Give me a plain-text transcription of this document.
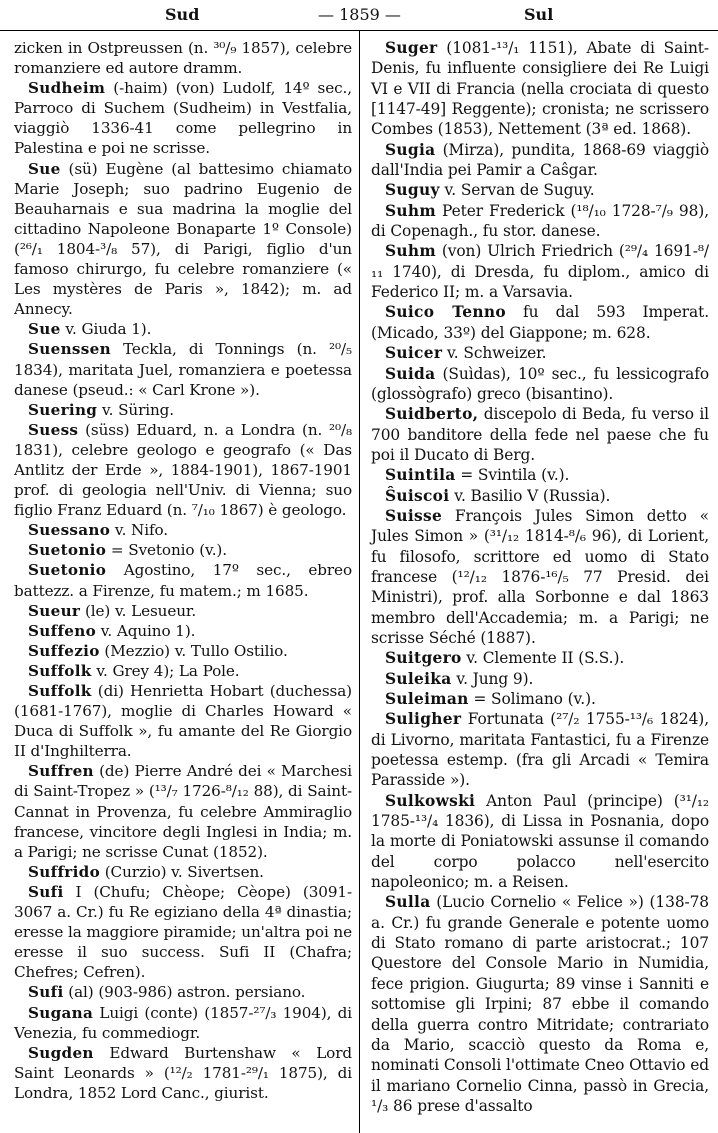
Sud	— 1859 —	Sul

zicken in Ostpreussen (n. ³⁰/₉ 1857), celebre romanziere ed autore dramm.

Sudheim (-haim) (von) Ludolf, 14º sec., Parroco di Suchem (Sudheim) in Vestfalia, viaggiò 1336-41 come pellegrino in Palestina e poi ne scrisse.

Sue (sü) Eugène (al battesimo chiamato Marie Joseph; suo padrino Eugenio de Beauharnais e sua madrina la moglie del cittadino Napoleone Bonaparte 1º Console) (²⁶/₁ 1804-³/₈ 57), di Parigi, figlio d'un famoso chirurgo, fu celebre romanziere (« Les mystères de Paris », 1842); m. ad Annecy.

Sue v. Giuda 1).

Suenssen Teckla, di Tonnings (n. ²⁰/₅ 1834), maritata Juel, romanziera e poetessa danese (pseud.: « Carl Krone »).

Suering v. Süring.

Suess (süss) Eduard, n. a Londra (n. ²⁰/₈ 1831), celebre geologo e geografo (« Das Antlitz der Erde », 1884-1901), 1867-1901 prof. di geologia nell'Univ. di Vienna; suo figlio Franz Eduard (n. ⁷/₁₀ 1867) è geologo.

Suessano v. Nifo.

Suetonio = Svetonio (v.).

Suetonio Agostino, 17º sec., ebreo battezz. a Firenze, fu matem.; m 1685.

Sueur (le) v. Lesueur.

Suffeno v. Aquino 1).

Suffezio (Mezzio) v. Tullo Ostilio.

Suffolk v. Grey 4); La Pole.

Suffolk (di) Henrietta Hobart (duchessa) (1681-1767), moglie di Charles Howard « Duca di Suffolk », fu amante del Re Giorgio II d'Inghilterra.

Suffren (de) Pierre André dei « Marchesi di Saint-Tropez » (¹³/₇ 1726-⁸/₁₂ 88), di Saint-Cannat in Provenza, fu celebre Ammiraglio francese, vincitore degli Inglesi in India; m. a Parigi; ne scrisse Cunat (1852).

Suffrido (Curzio) v. Sivertsen.

Sufi I (Chufu; Chèope; Cèope) (3091-3067 a. Cr.) fu Re egiziano della 4ª dinastia; eresse la maggiore piramide; un'altra poi ne eresse il suo success. Sufi II (Chafra; Chefres; Cefren).

Sufi (al) (903-986) astron. persiano.

Sugana Luigi (conte) (1857-²⁷/₃ 1904), di Venezia, fu commediogr.

Sugden Edward Burtenshaw « Lord Saint Leonards » (¹²/₂ 1781-²⁹/₁ 1875), di Londra, 1852 Lord Canc., giurist.

Suger (1081-¹³/₁ 1151), Abate di Saint-Denis, fu influente consigliere dei Re Luigi VI e VII di Francia (nella crociata di questo [1147-49] Reggente); cronista; ne scrissero Combes (1853), Nettement (3ª ed. 1868).

Sugia (Mirza), pundita, 1868-69 viaggiò dall'India pei Pamir a Caŝgar.

Suguy v. Servan de Suguy.

Suhm Peter Frederick (¹⁸/₁₀ 1728-⁷/₉ 98), di Copenagh., fu stor. danese.

Suhm (von) Ulrich Friedrich (²⁹/₄ 1691-⁸/₁₁ 1740), di Dresda, fu diplom., amico di Federico II; m. a Varsavia.

Suico Tenno fu dal 593 Imperat. (Micado, 33º) del Giappone; m. 628.

Suicer v. Schweizer.

Suida (Suìdas), 10º sec., fu lessicografo (glossògrafo) greco (bisantino).

Suidberto, discepolo di Beda, fu verso il 700 banditore della fede nel paese che fu poi il Ducato di Berg.

Suintila = Svintila (v.).

Ŝuiscoi v. Basilio V (Russia).

Suisse François Jules Simon detto « Jules Simon » (³¹/₁₂ 1814-⁸/₆ 96), di Lorient, fu filosofo, scrittore ed uomo di Stato francese (¹²/₁₂ 1876-¹⁶/₅ 77 Presid. dei Ministri), prof. alla Sorbonne e dal 1863 membro dell'Accademia; m. a Parigi; ne scrisse Séché (1887).

Suitgero v. Clemente II (S.S.).

Suleika v. Jung 9).

Suleiman = Solimano (v.).

Suligher Fortunata (²⁷/₂ 1755-¹³/₆ 1824), di Livorno, maritata Fantastici, fu a Firenze poetessa estemp. (fra gli Arcadi « Temira Parasside »).

Sulkowski Anton Paul (principe) (³¹/₁₂ 1785-¹³/₄ 1836), di Lissa in Posnania, dopo la morte di Poniatowski assunse il comando del corpo polacco nell'esercito napoleonico; m. a Reisen.

Sulla (Lucio Cornelio « Felice ») (138-78 a. Cr.) fu grande Generale e potente uomo di Stato romano di parte aristocrat.; 107 Questore del Console Mario in Numidia, fece prigion. Giugurta; 89 vinse i Sanniti e sottomise gli Irpini; 87 ebbe il comando della guerra contro Mitridate; contrariato da Mario, scacciò questo da Roma e, nominati Consoli l'ottimate Cneo Ottavio ed il mariano Cornelio Cinna, passò in Grecia, ¹/₃ 86 prese d'assalto
